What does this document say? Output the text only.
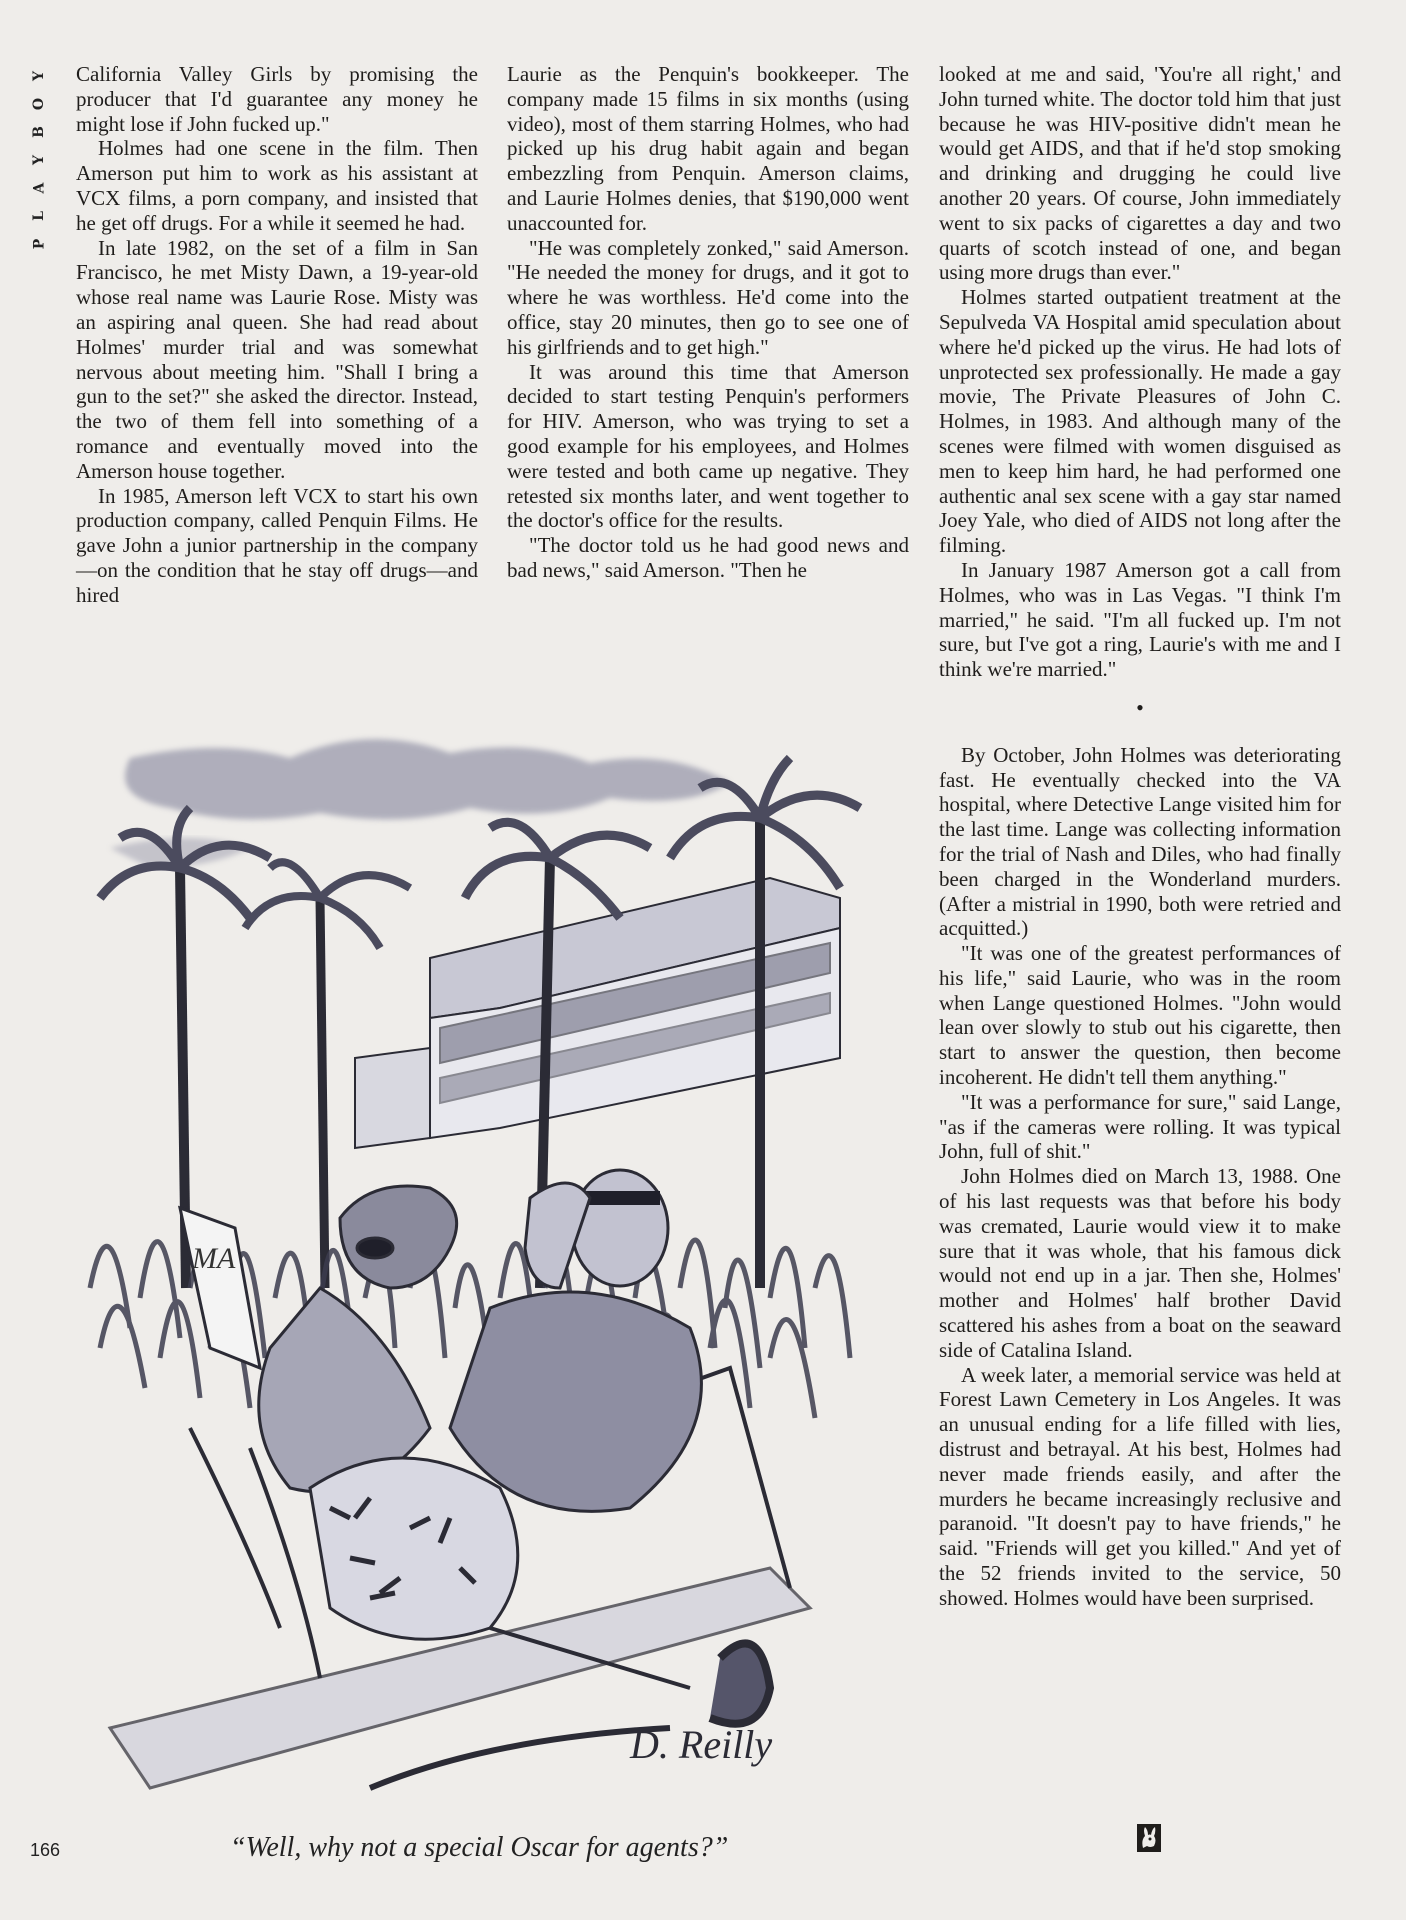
Y
O
B
Y
A
L
P

California Valley Girls by promising the producer that I'd guarantee any money he might lose if John fucked up."

Holmes had one scene in the film. Then Amerson put him to work as his assistant at VCX films, a porn company, and insisted that he get off drugs. For a while it seemed he had.

In late 1982, on the set of a film in San Francisco, he met Misty Dawn, a 19-year-old whose real name was Laurie Rose. Misty was an aspiring anal queen. She had read about Holmes' murder trial and was somewhat nervous about meeting him. "Shall I bring a gun to the set?" she asked the director. Instead, the two of them fell into something of a romance and eventually moved into the Amerson house together.

In 1985, Amerson left VCX to start his own production company, called Penquin Films. He gave John a junior partnership in the company—on the condition that he stay off drugs—and hired

Laurie as the Penquin's bookkeeper. The company made 15 films in six months (using video), most of them starring Holmes, who had picked up his drug habit again and began embezzling from Penquin. Amerson claims, and Laurie Holmes denies, that $190,000 went unaccounted for.

"He was completely zonked," said Amerson. "He needed the money for drugs, and it got to where he was worthless. He'd come into the office, stay 20 minutes, then go to see one of his girlfriends and to get high."

It was around this time that Amerson decided to start testing Penquin's performers for HIV. Amerson, who was trying to set a good example for his employees, and Holmes were tested and both came up negative. They retested six months later, and went together to the doctor's office for the results.

"The doctor told us he had good news and bad news," said Amerson. "Then he

looked at me and said, 'You're all right,' and John turned white. The doctor told him that just because he was HIV-positive didn't mean he would get AIDS, and that if he'd stop smoking and drinking and drugging he could live another 20 years. Of course, John immediately went to six packs of cigarettes a day and two quarts of scotch instead of one, and began using more drugs than ever."

Holmes started outpatient treatment at the Sepulveda VA Hospital amid speculation about where he'd picked up the virus. He had lots of unprotected sex professionally. He made a gay movie, The Private Pleasures of John C. Holmes, in 1983. And although many of the scenes were filmed with women disguised as men to keep him hard, he had performed one authentic anal sex scene with a gay star named Joey Yale, who died of AIDS not long after the filming.

In January 1987 Amerson got a call from Holmes, who was in Las Vegas. "I think I'm married," he said. "I'm all fucked up. I'm not sure, but I've got a ring, Laurie's with me and I think we're married."

•

By October, John Holmes was deteriorating fast. He eventually checked into the VA hospital, where Detective Lange visited him for the last time. Lange was collecting information for the trial of Nash and Diles, who had finally been charged in the Wonderland murders. (After a mistrial in 1990, both were retried and acquitted.)

"It was one of the greatest performances of his life," said Laurie, who was in the room when Lange questioned Holmes. "John would lean over slowly to stub out his cigarette, then start to answer the question, then become incoherent. He didn't tell them anything."

"It was a performance for sure," said Lange, "as if the cameras were rolling. It was typical John, full of shit."

John Holmes died on March 13, 1988. One of his last requests was that before his body was cremated, Laurie would view it to make sure that it was whole, that his famous dick would not end up in a jar. Then she, Holmes' mother and Holmes' half brother David scattered his ashes from a boat on the seaward side of Catalina Island.

A week later, a memorial service was held at Forest Lawn Cemetery in Los Angeles. It was an unusual ending for a life filled with lies, distrust and betrayal. At his best, Holmes had never made friends easily, and after the murders he became increasingly reclusive and paranoid. "It doesn't pay to have friends," he said. "Friends will get you killed." And yet of the 52 friends invited to the service, 50 showed. Holmes would have been surprised.

MA
D. Reilly
“Well, why not a special Oscar for agents?”
166
